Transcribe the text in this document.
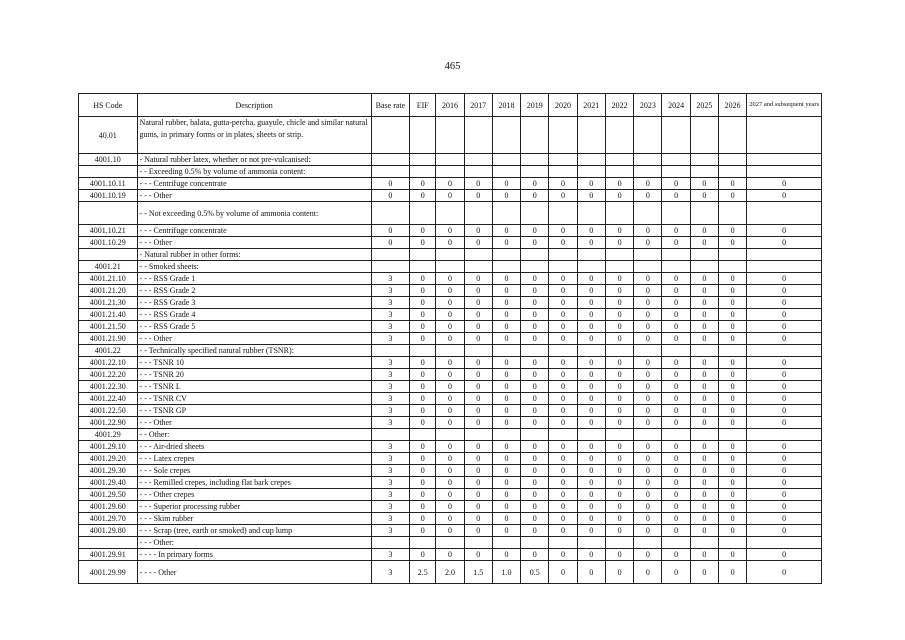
465
HS Code	Description	Base rate	EIF	2016	2017	2018	2019	2020	2021	2022	2023	2024	2025	2026	2027 and subsequent years
40.01	Natural rubber, balata, gutta-percha, guayule, chicle and similar natural gums, in primary forms or in plates, sheets or strip.														
4001.10	- Natural rubber latex, whether or not pre-vulcanised:														
	- - Exceeding 0.5% by volume of ammonia content:														
4001.10.11	- - - Centrifuge concentrate	0	0	0	0	0	0	0	0	0	0	0	0	0	0
4001.10.19	- - - Other	0	0	0	0	0	0	0	0	0	0	0	0	0	0
	- - Not exceeding 0.5% by volume of ammonia content:														
4001.10.21	- - - Centrifuge concentrate	0	0	0	0	0	0	0	0	0	0	0	0	0	0
4001.10.29	- - - Other	0	0	0	0	0	0	0	0	0	0	0	0	0	0
	- Natural rubber in other forms:														
4001.21	- - Smoked sheets:														
4001.21.10	- - - RSS Grade 1	3	0	0	0	0	0	0	0	0	0	0	0	0	0
4001.21.20	- - - RSS Grade 2	3	0	0	0	0	0	0	0	0	0	0	0	0	0
4001.21.30	- - - RSS Grade 3	3	0	0	0	0	0	0	0	0	0	0	0	0	0
4001.21.40	- - - RSS Grade 4	3	0	0	0	0	0	0	0	0	0	0	0	0	0
4001.21.50	- - - RSS Grade 5	3	0	0	0	0	0	0	0	0	0	0	0	0	0
4001.21.90	- - - Other	3	0	0	0	0	0	0	0	0	0	0	0	0	0
4001.22	- - Technically specified natural rubber (TSNR):														
4001.22.10	- - - TSNR 10	3	0	0	0	0	0	0	0	0	0	0	0	0	0
4001.22.20	- - - TSNR 20	3	0	0	0	0	0	0	0	0	0	0	0	0	0
4001.22.30	- - - TSNR L	3	0	0	0	0	0	0	0	0	0	0	0	0	0
4001.22.40	- - - TSNR CV	3	0	0	0	0	0	0	0	0	0	0	0	0	0
4001.22.50	- - - TSNR GP	3	0	0	0	0	0	0	0	0	0	0	0	0	0
4001.22.90	- - - Other	3	0	0	0	0	0	0	0	0	0	0	0	0	0
4001.29	- - Other:														
4001.29.10	- - - Air-dried sheets	3	0	0	0	0	0	0	0	0	0	0	0	0	0
4001.29.20	- - - Latex crepes	3	0	0	0	0	0	0	0	0	0	0	0	0	0
4001.29.30	- - - Sole crepes	3	0	0	0	0	0	0	0	0	0	0	0	0	0
4001.29.40	- - - Remilled crepes, including flat bark crepes	3	0	0	0	0	0	0	0	0	0	0	0	0	0
4001.29.50	- - - Other crepes	3	0	0	0	0	0	0	0	0	0	0	0	0	0
4001.29.60	- - - Superior processing rubber	3	0	0	0	0	0	0	0	0	0	0	0	0	0
4001.29.70	- - - Skim rubber	3	0	0	0	0	0	0	0	0	0	0	0	0	0
4001.29.80	- - - Scrap (tree, earth or smoked) and cup lump	3	0	0	0	0	0	0	0	0	0	0	0	0	0
	- - - Other:														
4001.29.91	- - - - In primary forms	3	0	0	0	0	0	0	0	0	0	0	0	0	0
4001.29.99	- - - - Other	3	2.5	2.0	1.5	1.0	0.5	0	0	0	0	0	0	0	0
